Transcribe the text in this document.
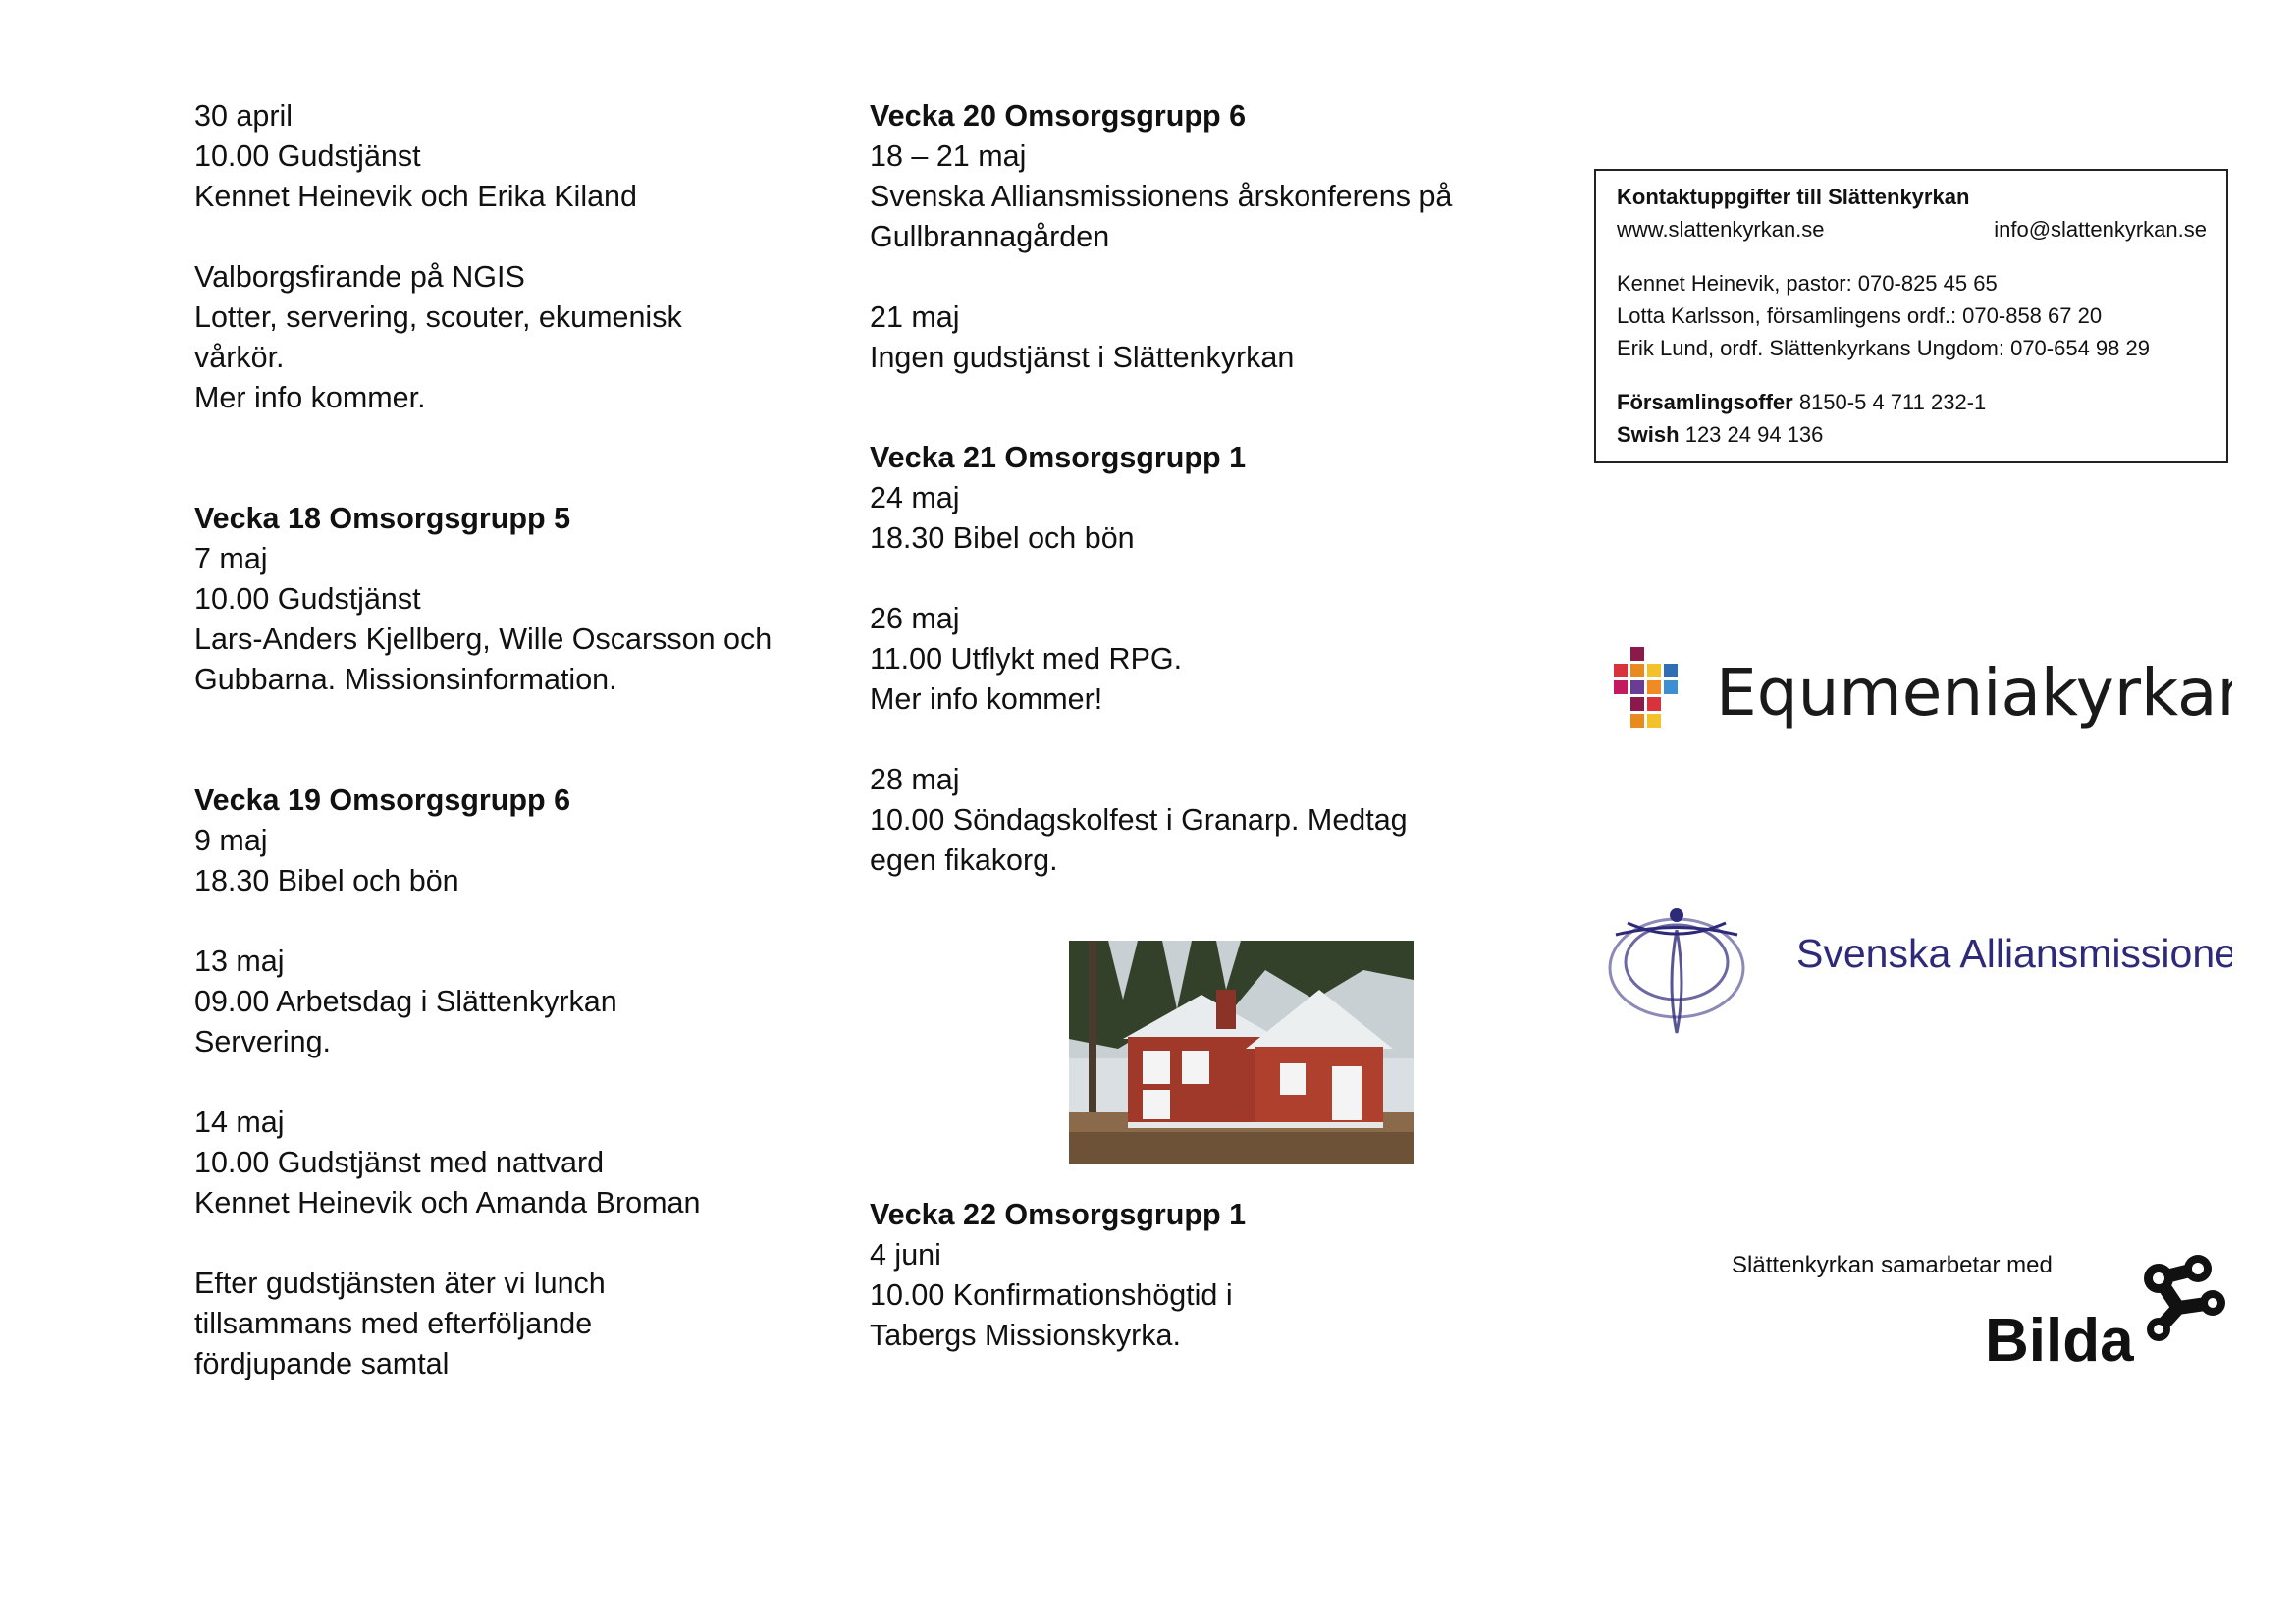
30 april
10.00 Gudstjänst
Kennet Heinevik och Erika Kiland
Valborgsfirande på NGIS
Lotter, servering, scouter, ekumenisk
vårkör.
Mer info kommer.
Vecka 18 Omsorgsgrupp 5
7 maj
10.00 Gudstjänst
Lars-Anders Kjellberg, Wille Oscarsson och
Gubbarna. Missionsinformation.
Vecka 19 Omsorgsgrupp 6
9 maj
18.30 Bibel och bön
13 maj
09.00 Arbetsdag i Slättenkyrkan
Servering.
14 maj
10.00 Gudstjänst med nattvard
Kennet Heinevik och Amanda Broman
Efter gudstjänsten äter vi lunch
tillsammans med efterföljande
fördjupande samtal
Vecka 20 Omsorgsgrupp 6
18 – 21 maj
Svenska Alliansmissionens årskonferens på
Gullbrannagården
21 maj
Ingen gudstjänst i Slättenkyrkan
Vecka 21 Omsorgsgrupp 1
24 maj
18.30 Bibel och bön
26 maj
11.00 Utflykt med RPG.
Mer info kommer!
28 maj
10.00 Söndagskolfest i Granarp. Medtag
egen fikakorg.
Vecka 22 Omsorgsgrupp 1
4 juni
10.00 Konfirmationshögtid i
Tabergs Missionskyrka.
Kontaktuppgifter till Slättenkyrkan
www.slattenkyrkan.se	info@slattenkyrkan.se
Kennet Heinevik, pastor: 070-825 45 65
Lotta Karlsson, församlingens ordf.: 070-858 67 20
Erik Lund, ordf. Slättenkyrkans Ungdom: 070-654 98 29
Församlingsoffer 8150-5 4 711 232-1
Swish 123 24 94 136
Equmeniakyrkan
Svenska Alliansmissionen
Slättenkyrkan samarbetar med
Bilda
